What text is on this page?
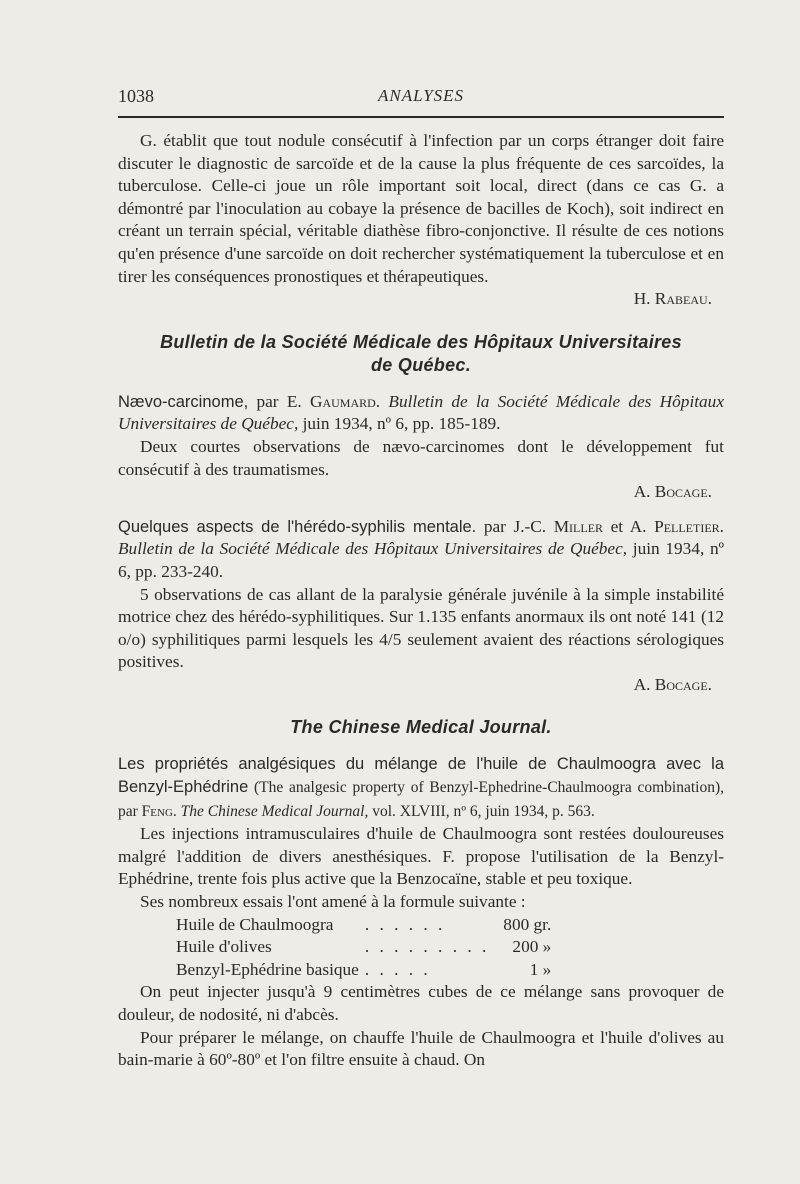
1038	ANALYSES

G. établit que tout nodule consécutif à l'infection par un corps étranger doit faire discuter le diagnostic de sarcoïde et de la cause la plus fréquente de ces sarcoïdes, la tuberculose. Celle-ci joue un rôle important soit local, direct (dans ce cas G. a démontré par l'inoculation au cobaye la présence de bacilles de Koch), soit indirect en créant un terrain spécial, véritable diathèse fibro-conjonctive. Il résulte de ces notions qu'en présence d'une sarcoïde on doit rechercher systématiquement la tuberculose et en tirer les conséquences pronostiques et thérapeutiques.

H. Rabeau.

Bulletin de la Société Médicale des Hôpitaux Universitaires
de Québec.

Nævo-carcinome, par E. Gaumard. Bulletin de la Société Médicale des Hôpitaux Universitaires de Québec, juin 1934, nº 6, pp. 185-189.

Deux courtes observations de nævo-carcinomes dont le développement fut consécutif à des traumatismes.

A. Bocage.

Quelques aspects de l'hérédo-syphilis mentale. par J.-C. Miller et A. Pelletier. Bulletin de la Société Médicale des Hôpitaux Universitaires de Québec, juin 1934, nº 6, pp. 233-240.

5 observations de cas allant de la paralysie générale juvénile à la simple instabilité motrice chez des hérédo-syphilitiques. Sur 1.135 enfants anormaux ils ont noté 141 (12 o/o) syphilitiques parmi lesquels les 4/5 seulement avaient des réactions sérologiques positives.

A. Bocage.

The Chinese Medical Journal.

Les propriétés analgésiques du mélange de l'huile de Chaulmoogra avec la Benzyl-Ephédrine (The analgesic property of Benzyl-Ephedrine-Chaulmoogra combination), par Feng. The Chinese Medical Journal, vol. XLVIII, nº 6, juin 1934, p. 563.

Les injections intramusculaires d'huile de Chaulmoogra sont restées douloureuses malgré l'addition de divers anesthésiques. F. propose l'utilisation de la Benzyl-Ephédrine, trente fois plus active que la Benzocaïne, stable et peu toxique.

Ses nombreux essais l'ont amené à la formule suivante :

Huile de Chaulmoogra	. . . . . .	800 gr.
Huile d'olives	. . . . . . . . .	200 »
Benzyl-Ephédrine basique	. . . . .	1 »

On peut injecter jusqu'à 9 centimètres cubes de ce mélange sans provoquer de douleur, de nodosité, ni d'abcès.

Pour préparer le mélange, on chauffe l'huile de Chaulmoogra et l'huile d'olives au bain-marie à 60º-80º et l'on filtre ensuite à chaud. On
